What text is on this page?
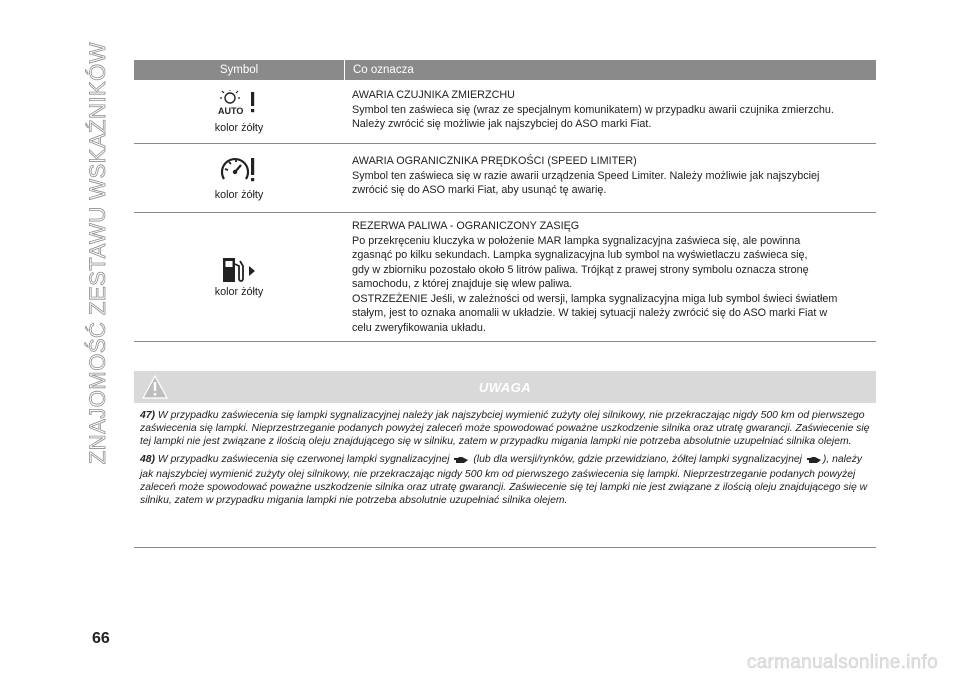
ZNAJOMOŚĆ ZESTAWU WSKAŹNIKÓW	Symbol	Co oznacza
AUTO
kolor żółty

AWARIA CZUJNIKA ZMIERZCHU

Symbol ten zaświeca się (wraz ze specjalnym komunikatem) w przypadku awarii czujnika zmierzchu.

Należy zwrócić się możliwie jak najszybciej do ASO marki Fiat.

kolor żółty

AWARIA OGRANICZNIKA PRĘDKOŚCI (SPEED LIMITER)

Symbol ten zaświeca się w razie awarii urządzenia Speed Limiter. Należy możliwie jak najszybciej

zwrócić się do ASO marki Fiat, aby usunąć tę awarię.

kolor żółty

REZERWA PALIWA - OGRANICZONY ZASIĘG

Po przekręceniu kluczyka w położenie MAR lampka sygnalizacyjna zaświeca się, ale powinna

zgasnąć po kilku sekundach. Lampka sygnalizacyjna lub symbol na wyświetlaczu zaświeca się,

gdy w zbiorniku pozostało około 5 litrów paliwa. Trójkąt z prawej strony symbolu oznacza stronę

samochodu, z której znajduje się wlew paliwa.

OSTRZEŻENIE Jeśli, w zależności od wersji, lampka sygnalizacyjna miga lub symbol świeci światłem

stałym, jest to oznaka anomalii w układzie. W takiej sytuacji należy zwrócić się do ASO marki Fiat w

celu zweryfikowania układu.

UWAGA

47) W przypadku zaświecenia się lampki sygnalizacyjnej należy jak najszybciej wymienić zużyty olej silnikowy, nie przekraczając nigdy 500 km od pierwszego zaświecenia się lampki. Nieprzestrzeganie podanych powyżej zaleceń może spowodować poważne uszkodzenie silnika oraz utratę gwarancji. Zaświecenie się tej lampki nie jest związane z ilością oleju znajdującego się w silniku, zatem w przypadku migania lampki nie potrzeba absolutnie uzupełniać silnika olejem.

48) W przypadku zaświecenia się czerwonej lampki sygnalizacyjnej (lub dla wersji/rynków, gdzie przewidziano, żółtej lampki sygnalizacyjnej ), należy jak najszybciej wymienić zużyty olej silnikowy, nie przekraczając nigdy 500 km od pierwszego zaświecenia się lampki. Nieprzestrzeganie podanych powyżej zaleceń może spowodować poważne uszkodzenie silnika oraz utratę gwarancji. Zaświecenie się tej lampki nie jest związane z ilością oleju znajdującego się w silniku, zatem w przypadku migania lampki nie potrzeba absolutnie uzupełniać silnika olejem.

66
carmanualsonline.info
